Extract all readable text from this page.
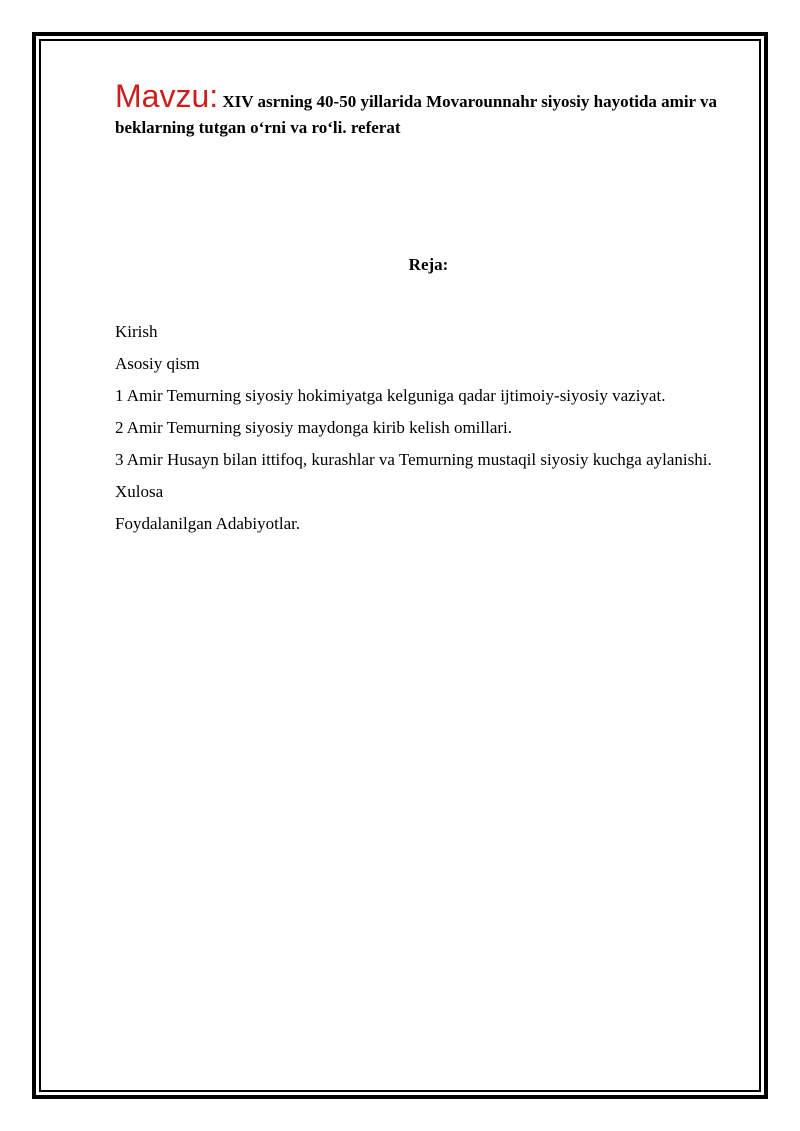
Mavzu: XIV asrning 40-50 yillarida Movarounnahr siyosiy hayotida amir va beklarning tutgan o‘rni va ro‘li. referat

Reja:

Kirish
Asosiy qism
1 Amir Temurning siyosiy hokimiyatga kelguniga qadar ijtimoiy-siyosiy vaziyat.
2 Amir Temurning siyosiy maydonga kirib kelish omillari.
3 Amir Husayn bilan ittifoq, kurashlar va Temurning mustaqil siyosiy kuchga aylanishi.
Xulosa
Foydalanilgan Adabiyotlar.
